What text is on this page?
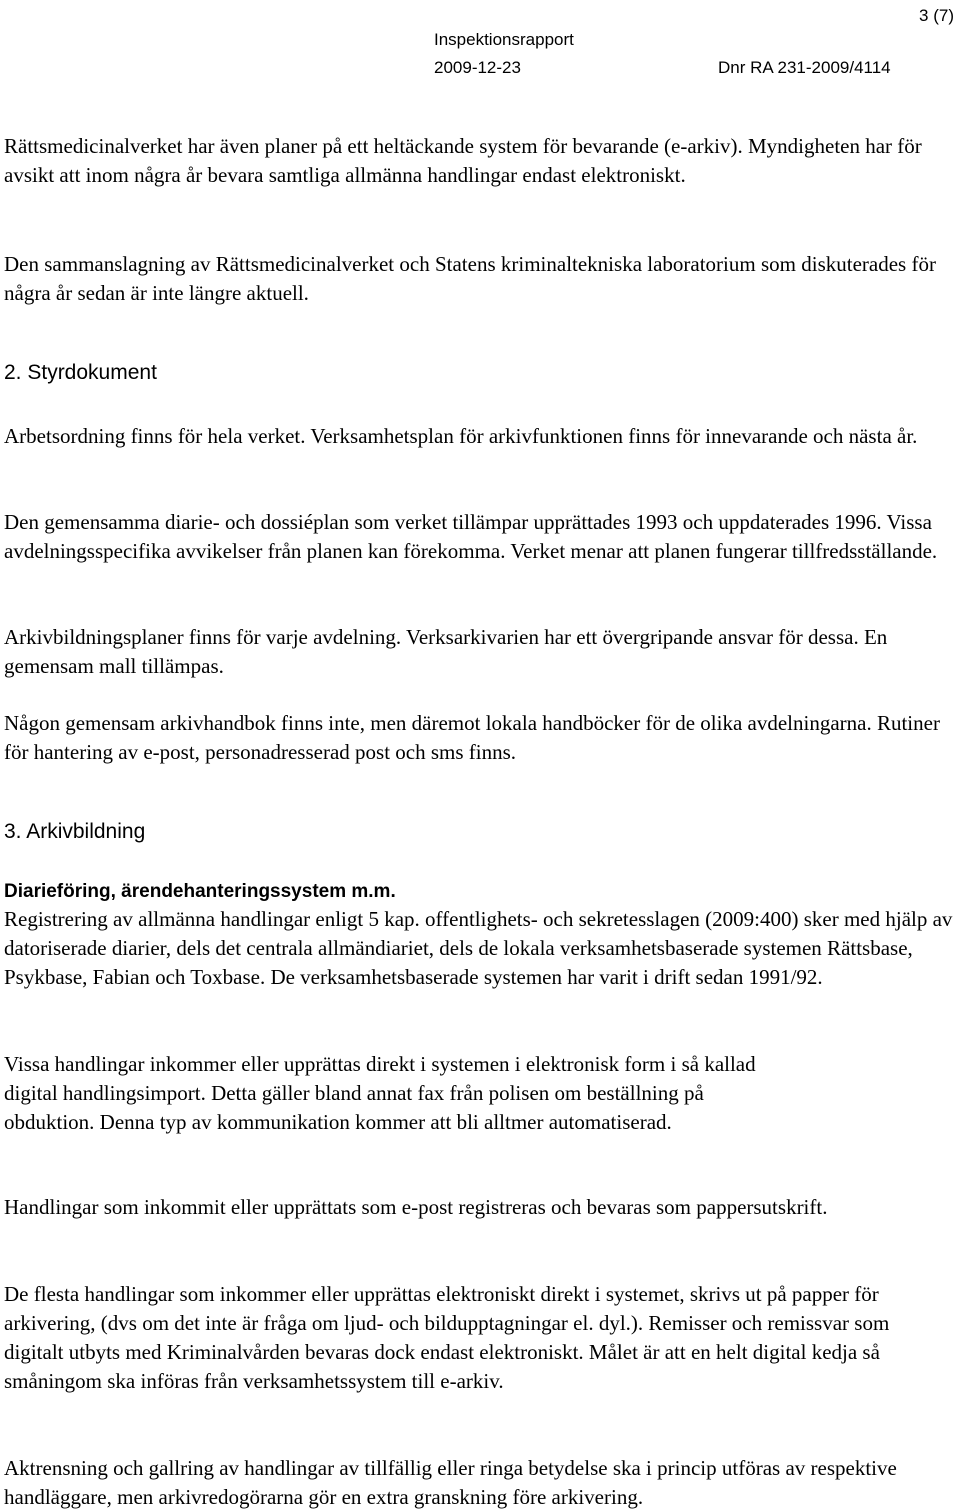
3 (7)
Inspektionsrapport
2009-12-23	Dnr RA 231-2009/4114

Rättsmedicinalverket har även planer på ett heltäckande system för bevarande (e-arkiv). Myndigheten har för avsikt att inom några år bevara samtliga allmänna handlingar endast elektroniskt.

Den sammanslagning av Rättsmedicinalverket och Statens kriminaltekniska laboratorium som diskuterades för några år sedan är inte längre aktuell.

2. Styrdokument

Arbetsordning finns för hela verket. Verksamhetsplan för arkivfunktionen finns för innevarande och nästa år.

Den gemensamma diarie- och dossiéplan som verket tillämpar upprättades 1993 och uppdaterades 1996. Vissa avdelningsspecifika avvikelser från planen kan förekomma. Verket menar att planen fungerar tillfredsställande.

Arkivbildningsplaner finns för varje avdelning. Verksarkivarien har ett övergripande ansvar för dessa. En gemensam mall tillämpas.

Någon gemensam arkivhandbok finns inte, men däremot lokala handböcker för de olika avdelningarna. Rutiner för hantering av e-post, personadresserad post och sms finns.

3. Arkivbildning
Diarieföring, ärendehanteringssystem m.m.

Registrering av allmänna handlingar enligt 5 kap. offentlighets- och sekretesslagen (2009:400) sker med hjälp av datoriserade diarier, dels det centrala allmändiariet, dels de lokala verksamhetsbaserade systemen Rättsbase, Psykbase, Fabian och Toxbase. De verksamhetsbaserade systemen har varit i drift sedan 1991/92.

Vissa handlingar inkommer eller upprättas direkt i systemen i elektronisk form i så kallad digital handlingsimport. Detta gäller bland annat fax från polisen om beställning på obduktion. Denna typ av kommunikation kommer att bli alltmer automatiserad.

Handlingar som inkommit eller upprättats som e-post registreras och bevaras som pappersutskrift.

De flesta handlingar som inkommer eller upprättas elektroniskt direkt i systemet, skrivs ut på papper för arkivering, (dvs om det inte är fråga om ljud- och bildupptagningar el. dyl.). Remisser och remissvar som digitalt utbyts med Kriminalvården bevaras dock endast elektroniskt. Målet är att en helt digital kedja så småningom ska införas från verksamhetssystem till e-arkiv.

Aktrensning och gallring av handlingar av tillfällig eller ringa betydelse ska i princip utföras av respektive handläggare, men arkivredogörarna gör en extra granskning före arkivering.
